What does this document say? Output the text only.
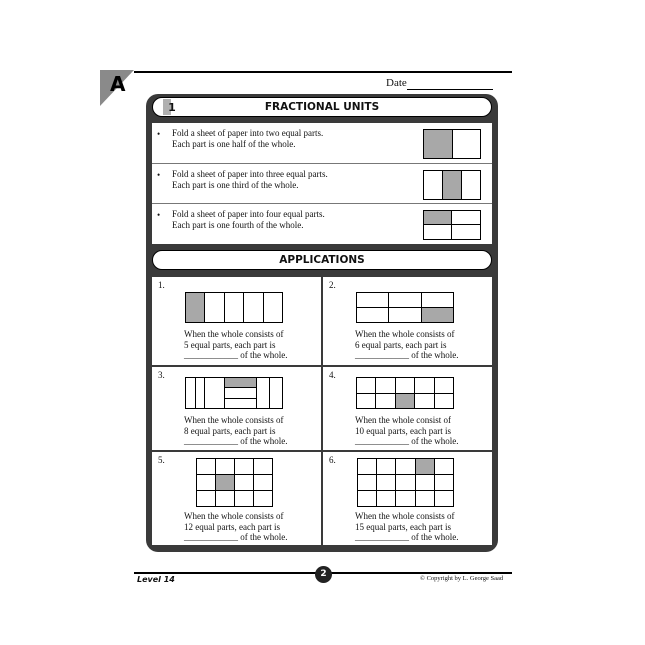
A	Date
FRACTIONAL UNITS
1
• Fold a sheet of paper into two equal parts.
Each part is one half of the whole.
• Fold a sheet of paper into three equal parts.
Each part is one third of the whole.
• Fold a sheet of paper into four equal parts.
Each part is one fourth of the whole.
APPLICATIONS
1.
When the whole consists of
5 equal parts, each part is
____________ of the whole.
2.
When the whole consists of
6 equal parts, each part is
____________ of the whole.
3.
When the whole consists of
8 equal parts, each part is
____________ of the whole.
4.
When the whole consist of
10 equal parts, each part is
____________ of the whole.
5.
When the whole consists of
12 equal parts, each part is
____________ of the whole.
6.
When the whole consists of
15 equal parts, each part is
____________ of the whole.
Level 14
2	© Copyright by L. George Saad
